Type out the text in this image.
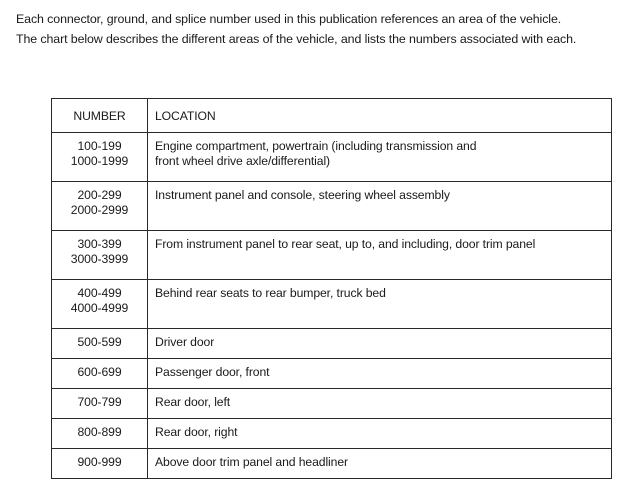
Each connector, ground, and splice number used in this publication references an area of the vehicle.

The chart below describes the different areas of the vehicle, and lists the numbers associated with each.

NUMBER	LOCATION

100-199
1000-1999	Engine compartment, powertrain (including transmission and
front wheel drive axle/differential)

200-299
2000-2999	Instrument panel and console, steering wheel assembly

300-399
3000-3999	From instrument panel to rear seat, up to, and including, door trim panel

400-499
4000-4999	Behind rear seats to rear bumper, truck bed

500-599	Driver door

600-699	Passenger door, front

700-799	Rear door, left

800-899	Rear door, right

900-999	Above door trim panel and headliner
